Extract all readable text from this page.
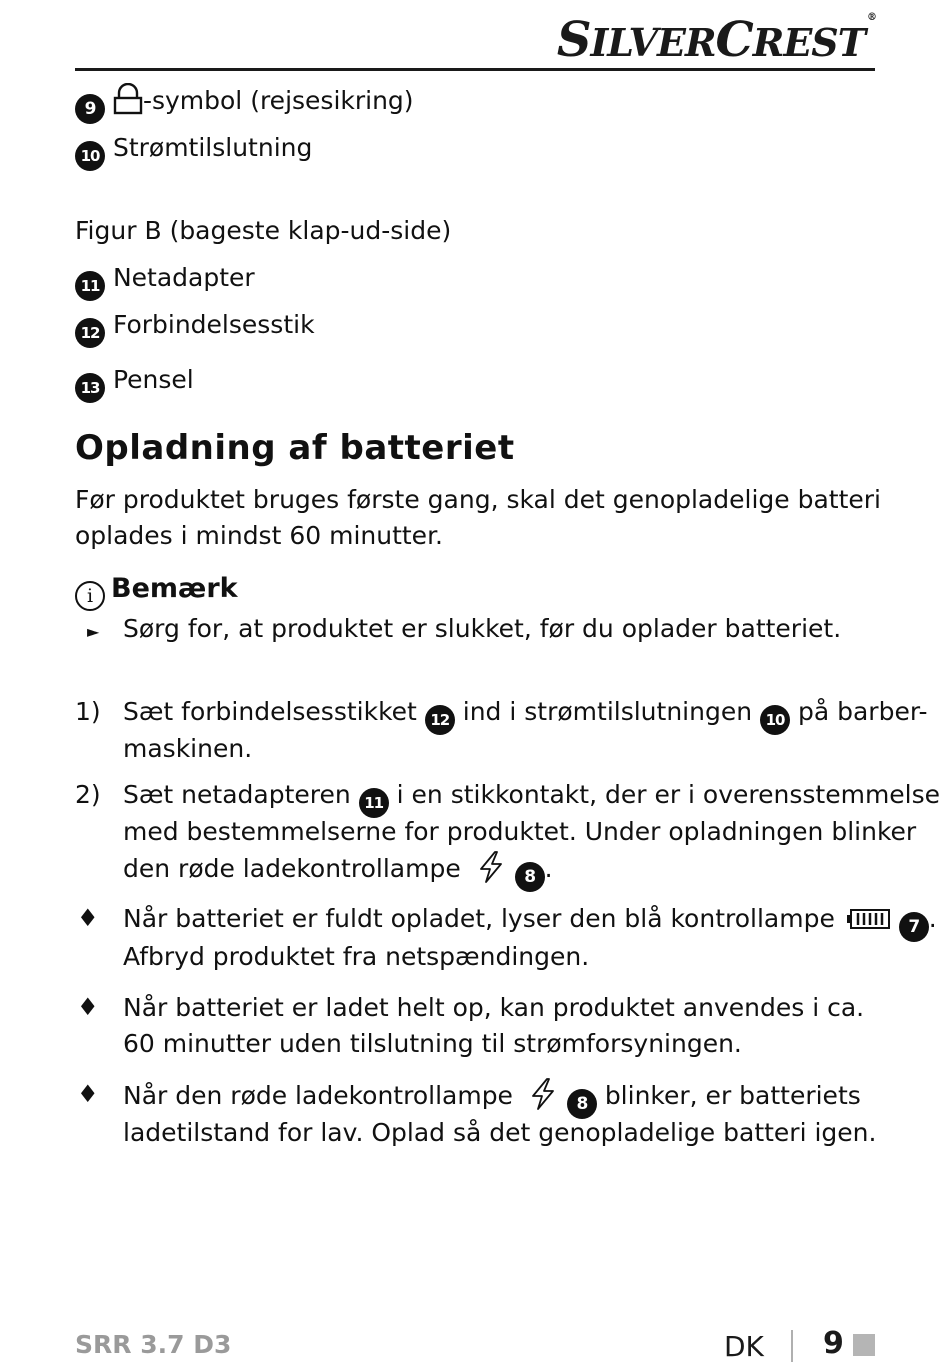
SILVERCREST®
9 -symbol (rejsesikring)
10 Strømtilslutning
Figur B (bageste klap-ud-side)
11 Netadapter
12 Forbindelsesstik
13 Pensel
Opladning af batteriet
Før produktet bruges første gang, skal det genopladelige batteri
oplades i mindst 60 minutter.
i Bemærk
► Sørg for, at produktet er slukket, før du oplader batteriet.
1) Sæt forbindelsesstikket 12 ind i strømtilslutningen 10 på barber-
maskinen.
2) Sæt netadapteren 11 i en stikkontakt, der er i overensstemmelse
med bestemmelserne for produktet. Under opladningen blinker
den røde ladekontrollampe	8 .
♦ Når batteriet er fuldt opladet, lyser den blå kontrollampe	7 .
Afbryd produktet fra netspændingen.
♦ Når batteriet er ladet helt op, kan produktet anvendes i ca.
60 minutter uden tilslutning til strømforsyningen.
♦ Når den røde ladekontrollampe	8 blinker, er batteriets
ladetilstand for lav. Oplad så det genopladelige batteri igen.
SRR 3.7 D3	DK 9
